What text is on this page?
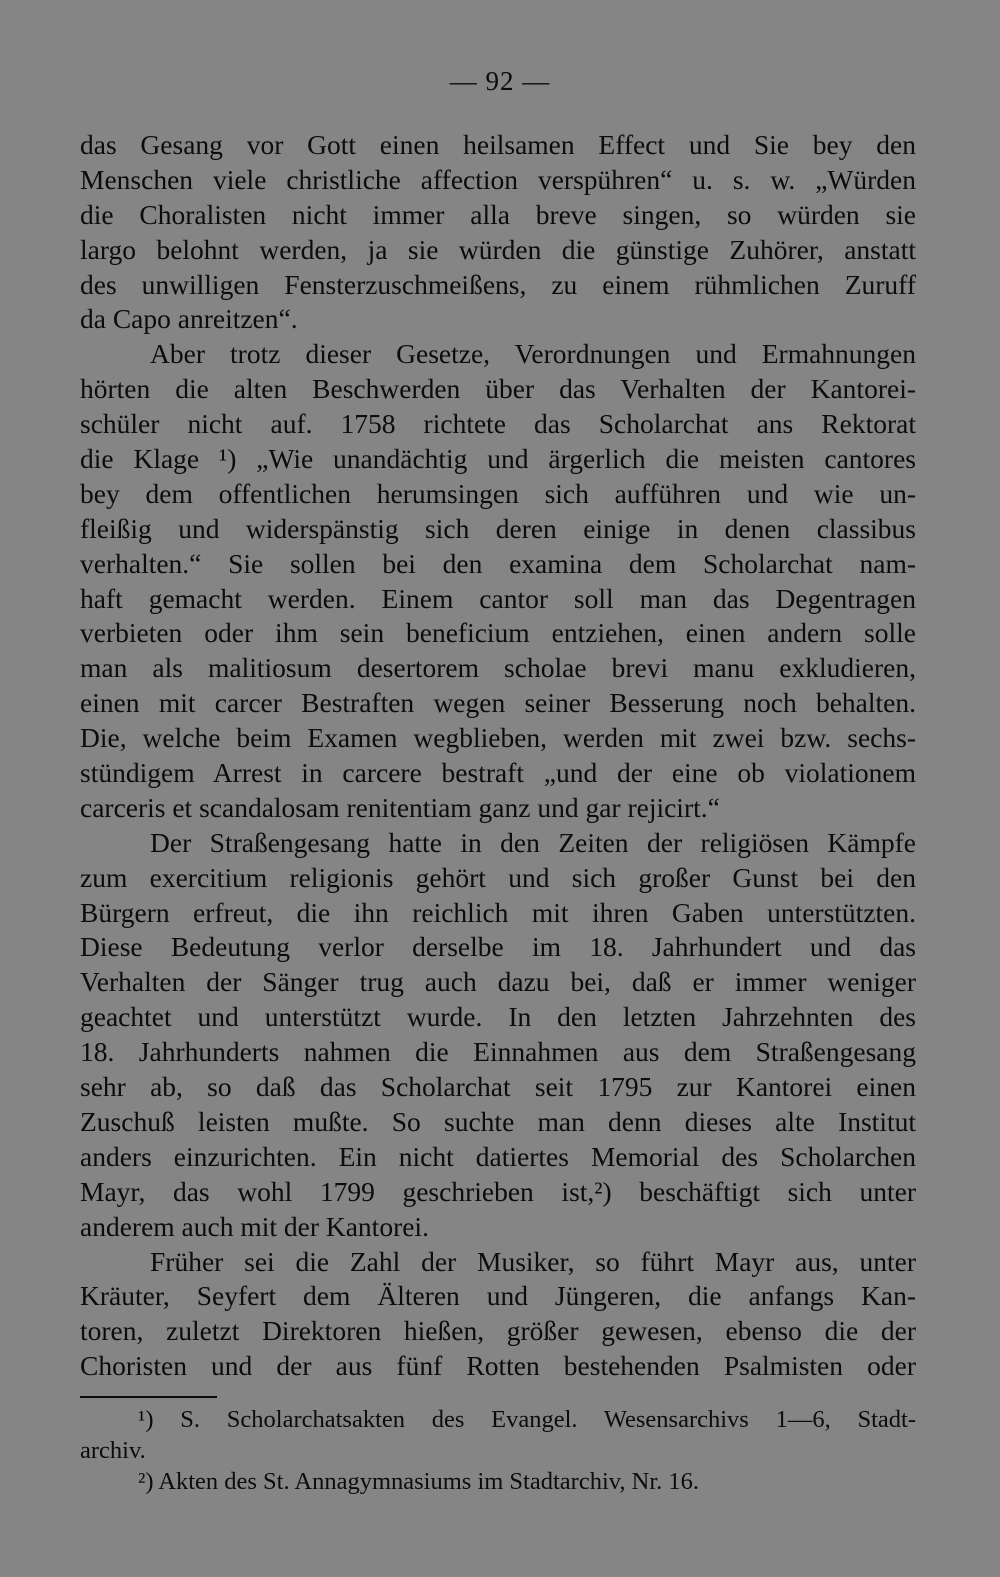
— 92 —

das Gesang vor Gott einen heilsamen Effect und Sie bey den
Menschen viele christliche affection verspühren“ u. s. w. „Würden
die Choralisten nicht immer alla breve singen, so würden sie
largo belohnt werden, ja sie würden die günstige Zuhörer, anstatt
des unwilligen Fensterzuschmeißens, zu einem rühmlichen Zuruff
da Capo anreitzen“.

Aber trotz dieser Gesetze, Verordnungen und Ermahnungen
hörten die alten Beschwerden über das Verhalten der Kantorei-
schüler nicht auf. 1758 richtete das Scholarchat ans Rektorat
die Klage ¹) „Wie unandächtig und ärgerlich die meisten cantores
bey dem offentlichen herumsingen sich aufführen und wie un-
fleißig und widerspänstig sich deren einige in denen classibus
verhalten.“ Sie sollen bei den examina dem Scholarchat nam-
haft gemacht werden. Einem cantor soll man das Degentragen
verbieten oder ihm sein beneficium entziehen, einen andern solle
man als malitiosum desertorem scholae brevi manu exkludieren,
einen mit carcer Bestraften wegen seiner Besserung noch behalten.
Die, welche beim Examen wegblieben, werden mit zwei bzw. sechs-
stündigem Arrest in carcere bestraft „und der eine ob violationem
carceris et scandalosam renitentiam ganz und gar rejicirt.“

Der Straßengesang hatte in den Zeiten der religiösen Kämpfe
zum exercitium religionis gehört und sich großer Gunst bei den
Bürgern erfreut, die ihn reichlich mit ihren Gaben unterstützten.
Diese Bedeutung verlor derselbe im 18. Jahrhundert und das
Verhalten der Sänger trug auch dazu bei, daß er immer weniger
geachtet und unterstützt wurde. In den letzten Jahrzehnten des
18. Jahrhunderts nahmen die Einnahmen aus dem Straßengesang
sehr ab, so daß das Scholarchat seit 1795 zur Kantorei einen
Zuschuß leisten mußte. So suchte man denn dieses alte Institut
anders einzurichten. Ein nicht datiertes Memorial des Scholarchen
Mayr, das wohl 1799 geschrieben ist,²) beschäftigt sich unter
anderem auch mit der Kantorei.

Früher sei die Zahl der Musiker, so führt Mayr aus, unter
Kräuter, Seyfert dem Älteren und Jüngeren, die anfangs Kan-
toren, zuletzt Direktoren hießen, größer gewesen, ebenso die der
Choristen und der aus fünf Rotten bestehenden Psalmisten oder

¹) S. Scholarchatsakten des Evangel. Wesensarchivs 1—6, Stadt-
archiv.
²) Akten des St. Annagymnasiums im Stadtarchiv, Nr. 16.
